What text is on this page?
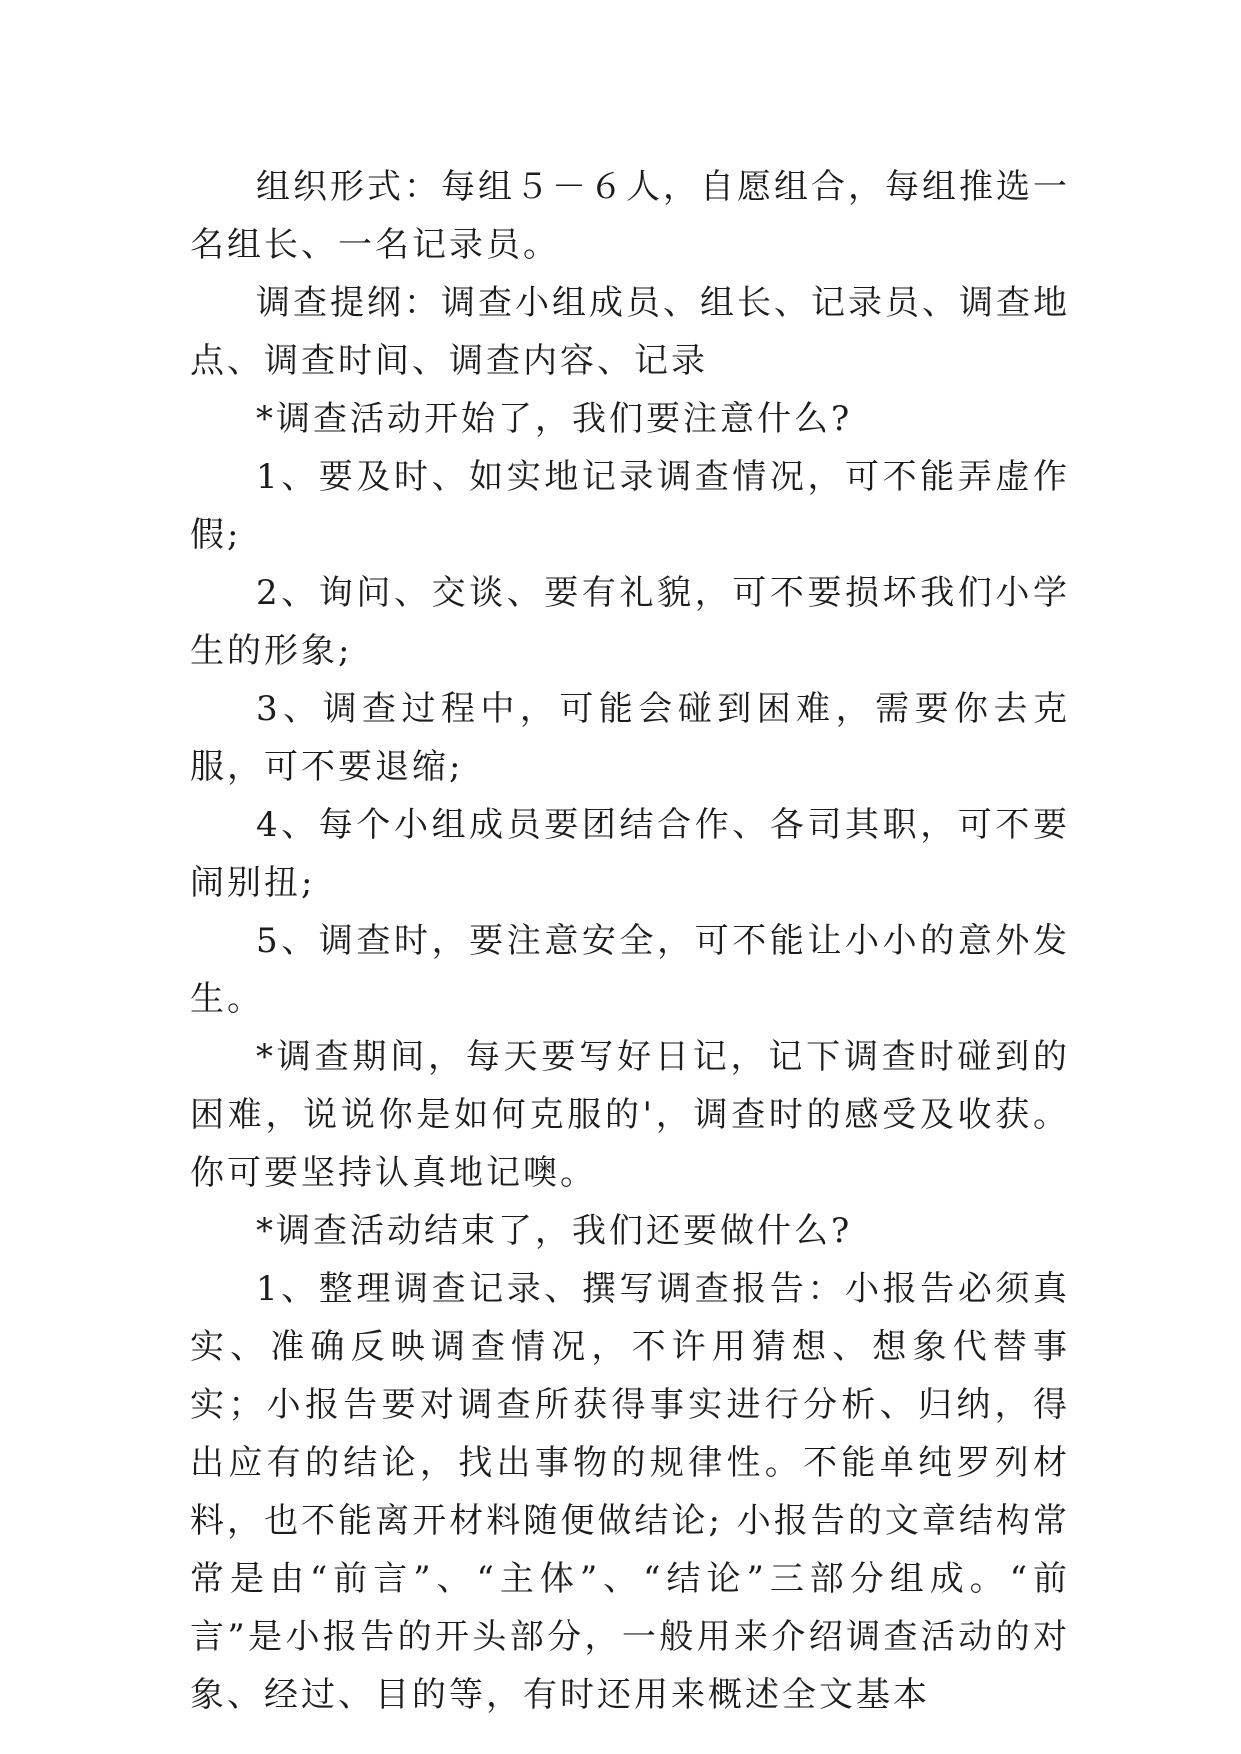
组织形式：每组５－６人，自愿组合，每组推选一名组长、一名记录员。

调查提纲：调查小组成员、组长、记录员、调查地点、调查时间、调查内容、记录

*调查活动开始了，我们要注意什么?

1、要及时、如实地记录调查情况，可不能弄虚作假;

2、询问、交谈、要有礼貌，可不要损坏我们小学生的形象;

3、调查过程中，可能会碰到困难，需要你去克服，可不要退缩;

4、每个小组成员要团结合作、各司其职，可不要闹别扭;

5、调查时，要注意安全，可不能让小小的意外发生。

*调查期间，每天要写好日记，记下调查时碰到的困难，说说你是如何克服的'，调查时的感受及收获。你可要坚持认真地记噢。

*调查活动结束了，我们还要做什么?

1、整理调查记录、撰写调查报告：小报告必须真实、准确反映调查情况，不许用猜想、想象代替事实；小报告要对调查所获得事实进行分析、归纳，得出应有的结论，找出事物的规律性。不能单纯罗列材料，也不能离开材料随便做结论; 小报告的文章结构常常是由“前言”、“主体”、“结论”三部分组成。“前言”是小报告的开头部分，一般用来介绍调查活动的对象、经过、目的等，有时还用来概述全文基本
